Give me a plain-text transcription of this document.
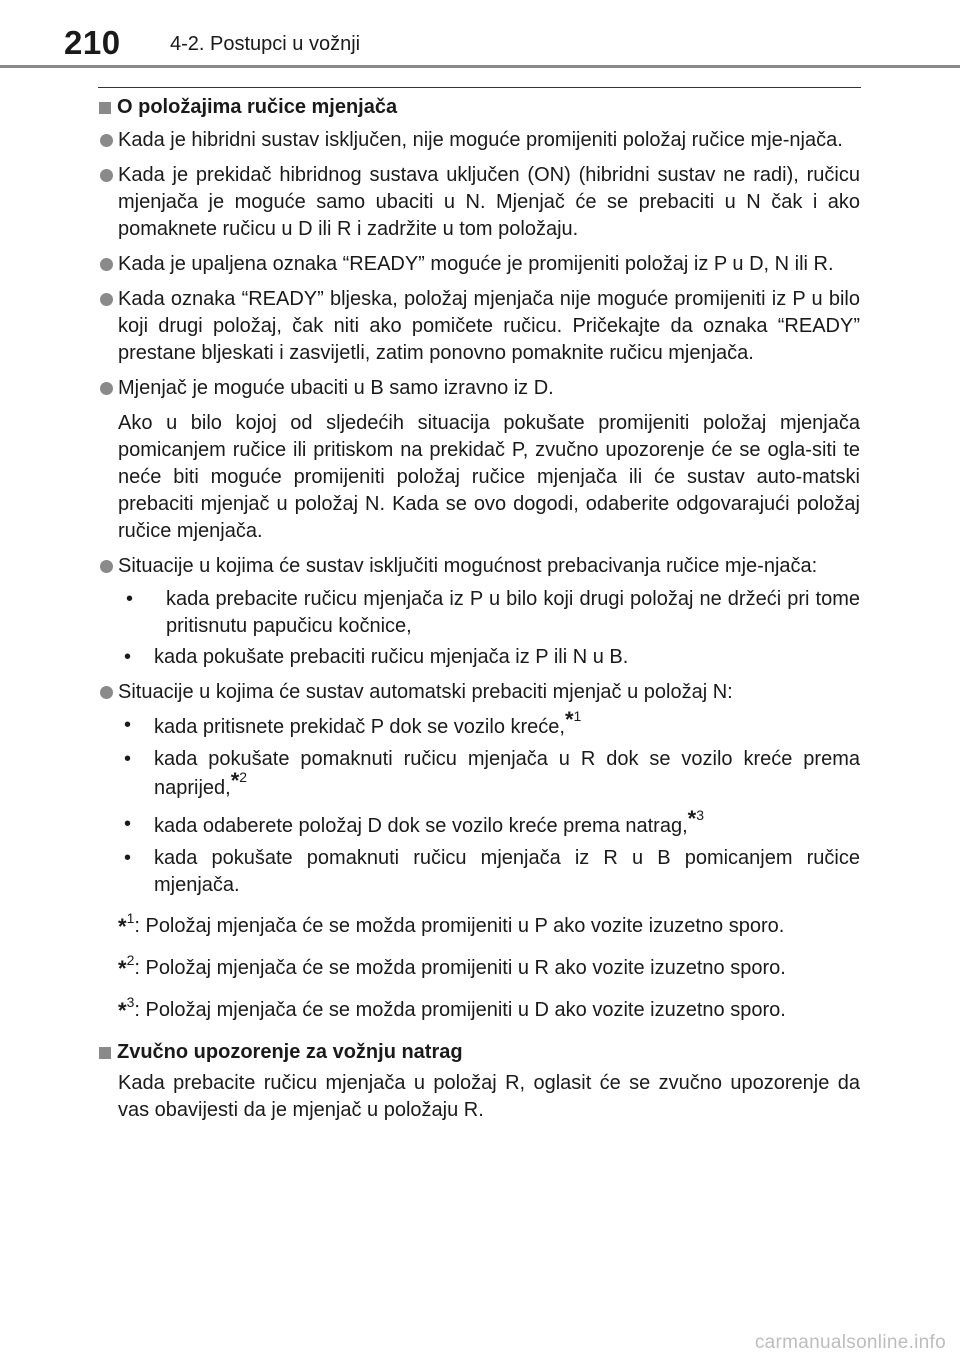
210 4-2. Postupci u vožnji
O položajima ručice mjenjača
Kada je hibridni sustav isključen, nije moguće promijeniti položaj ručice mje-njača.
Kada je prekidač hibridnog sustava uključen (ON) (hibridni sustav ne radi), ručicu mjenjača je moguće samo ubaciti u N. Mjenjač će se prebaciti u N čak i ako pomaknete ručicu u D ili R i zadržite u tom položaju.
Kada je upaljena oznaka “READY” moguće je promijeniti položaj iz P u D, N ili R.
Kada oznaka “READY” bljeska, položaj mjenjača nije moguće promijeniti iz P u bilo koji drugi položaj, čak niti ako pomičete ručicu. Pričekajte da oznaka “READY” prestane bljeskati i zasvijetli, zatim ponovno pomaknite ručicu mjenjača.
Mjenjač je moguće ubaciti u B samo izravno iz D.
Ako u bilo kojoj od sljedećih situacija pokušate promijeniti položaj mjenjača pomicanjem ručice ili pritiskom na prekidač P, zvučno upozorenje će se ogla-siti te neće biti moguće promijeniti položaj ručice mjenjača ili će sustav auto-matski prebaciti mjenjač u položaj N. Kada se ovo dogodi, odaberite odgovarajući položaj ručice mjenjača.
Situacije u kojima će sustav isključiti mogućnost prebacivanja ručice mje-njača:
• kada prebacite ručicu mjenjača iz P u bilo koji drugi položaj ne držeći pri tome pritisnutu papučicu kočnice,
• kada pokušate prebaciti ručicu mjenjača iz P ili N u B.
Situacije u kojima će sustav automatski prebaciti mjenjač u položaj N:
• kada pritisnete prekidač P dok se vozilo kreće,*$^1$
• kada pokušate pomaknuti ručicu mjenjača u R dok se vozilo kreće prema naprijed,*$^2$
• kada odaberete položaj D dok se vozilo kreće prema natrag,*$^3$
• kada pokušate pomaknuti ručicu mjenjača iz R u B pomicanjem ručice mjenjača.
*$^1$: Položaj mjenjača će se možda promijeniti u P ako vozite izuzetno sporo.
*$^2$: Položaj mjenjača će se možda promijeniti u R ako vozite izuzetno sporo.
*$^3$: Položaj mjenjača će se možda promijeniti u D ako vozite izuzetno sporo.
Zvučno upozorenje za vožnju natrag
Kada prebacite ručicu mjenjača u položaj R, oglasit će se zvučno upozorenje da vas obavijesti da je mjenjač u položaju R.
carmanualsonline.info
